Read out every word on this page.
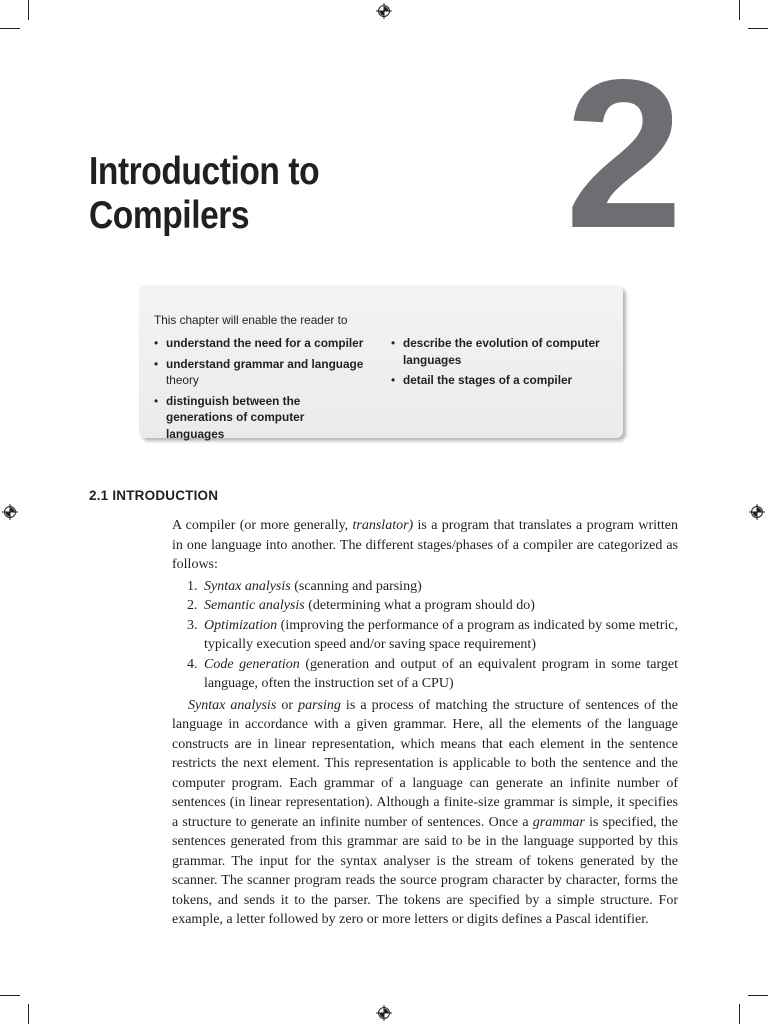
2
Introduction to
Compilers
This chapter will enable the reader to
• understand the need for a compiler
• understand grammar and language theory
• distinguish between the generations of computer languages
• describe the evolution of computer languages
• detail the stages of a compiler
2.1 INTRODUCTION

A compiler (or more generally, translator) is a program that translates a program written in one language into another. The different stages/phases of a compiler are categorized as follows:

1. Syntax analysis (scanning and parsing)
2. Semantic analysis (determining what a program should do)
3. Optimization (improving the performance of a program as indicated by some metric, typically execution speed and/or saving space requirement)
4. Code generation (generation and output of an equivalent program in some target language, often the instruction set of a CPU)

Syntax analysis or parsing is a process of matching the structure of sentences of the language in accordance with a given grammar. Here, all the elements of the language constructs are in linear representation, which means that each element in the sentence restricts the next element. This representation is applicable to both the sentence and the computer program. Each grammar of a language can generate an infinite number of sentences (in linear representation). Although a finite-size grammar is simple, it specifies a structure to generate an infinite number of sentences. Once a grammar is specified, the sentences generated from this grammar are said to be in the language supported by this grammar. The input for the syntax analyser is the stream of tokens generated by the scanner. The scanner program reads the source program character by character, forms the tokens, and sends it to the parser. The tokens are specified by a simple structure. For example, a letter followed by zero or more letters or digits defines a Pascal identifier.
